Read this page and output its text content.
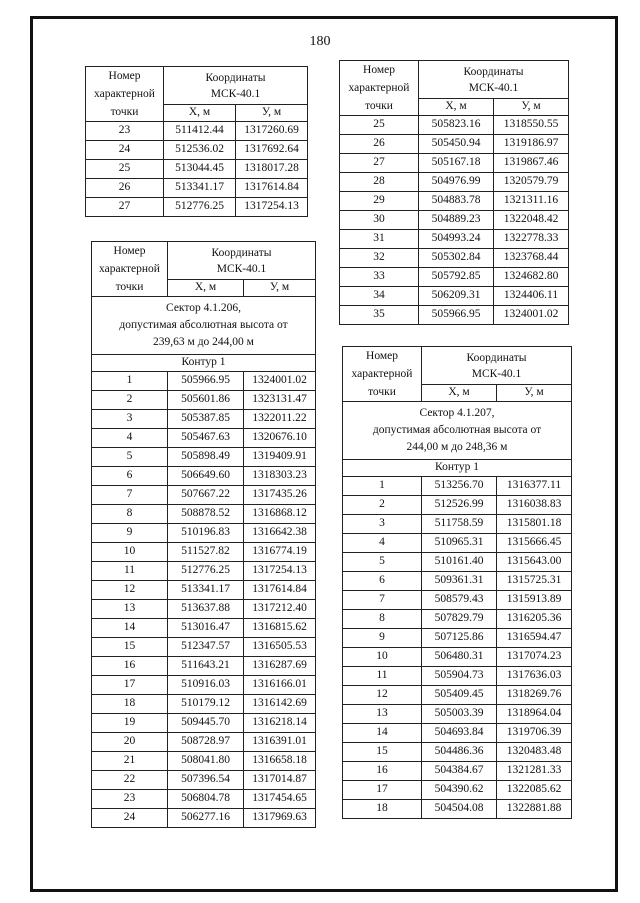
180
Номер
характерной
точки	Координаты
МСК-40.1	
	X, м	У, м
23	511412.44	1317260.69
24	512536.02	1317692.64
25	513044.45	1318017.28
26	513341.17	1317614.84
27	512776.25	1317254.13
Номер
характерной
точки	Координаты
МСК-40.1	
	X, м	У, м
Сектор 4.1.206,
допустимая абсолютная высота от
239,63 м до 244,00 м		
Контур 1		
1	505966.95	1324001.02
2	505601.86	1323131.47
3	505387.85	1322011.22
4	505467.63	1320676.10
5	505898.49	1319409.91
6	506649.60	1318303.23
7	507667.22	1317435.26
8	508878.52	1316868.12
9	510196.83	1316642.38
10	511527.82	1316774.19
11	512776.25	1317254.13
12	513341.17	1317614.84
13	513637.88	1317212.40
14	513016.47	1316815.62
15	512347.57	1316505.53
16	511643.21	1316287.69
17	510916.03	1316166.01
18	510179.12	1316142.69
19	509445.70	1316218.14
20	508728.97	1316391.01
21	508041.80	1316658.18
22	507396.54	1317014.87
23	506804.78	1317454.65
24	506277.16	1317969.63
Номер
характерной
точки	Координаты
МСК-40.1	
	X, м	У, м
25	505823.16	1318550.55
26	505450.94	1319186.97
27	505167.18	1319867.46
28	504976.99	1320579.79
29	504883.78	1321311.16
30	504889.23	1322048.42
31	504993.24	1322778.33
32	505302.84	1323768.44
33	505792.85	1324682.80
34	506209.31	1324406.11
35	505966.95	1324001.02
Номер
характерной
точки	Координаты
МСК-40.1	
	X, м	У, м
Сектор 4.1.207,
допустимая абсолютная высота от
244,00 м до 248,36 м		
Контур 1		
1	513256.70	1316377.11
2	512526.99	1316038.83
3	511758.59	1315801.18
4	510965.31	1315666.45
5	510161.40	1315643.00
6	509361.31	1315725.31
7	508579.43	1315913.89
8	507829.79	1316205.36
9	507125.86	1316594.47
10	506480.31	1317074.23
11	505904.73	1317636.03
12	505409.45	1318269.76
13	505003.39	1318964.04
14	504693.84	1319706.39
15	504486.36	1320483.48
16	504384.67	1321281.33
17	504390.62	1322085.62
18	504504.08	1322881.88
